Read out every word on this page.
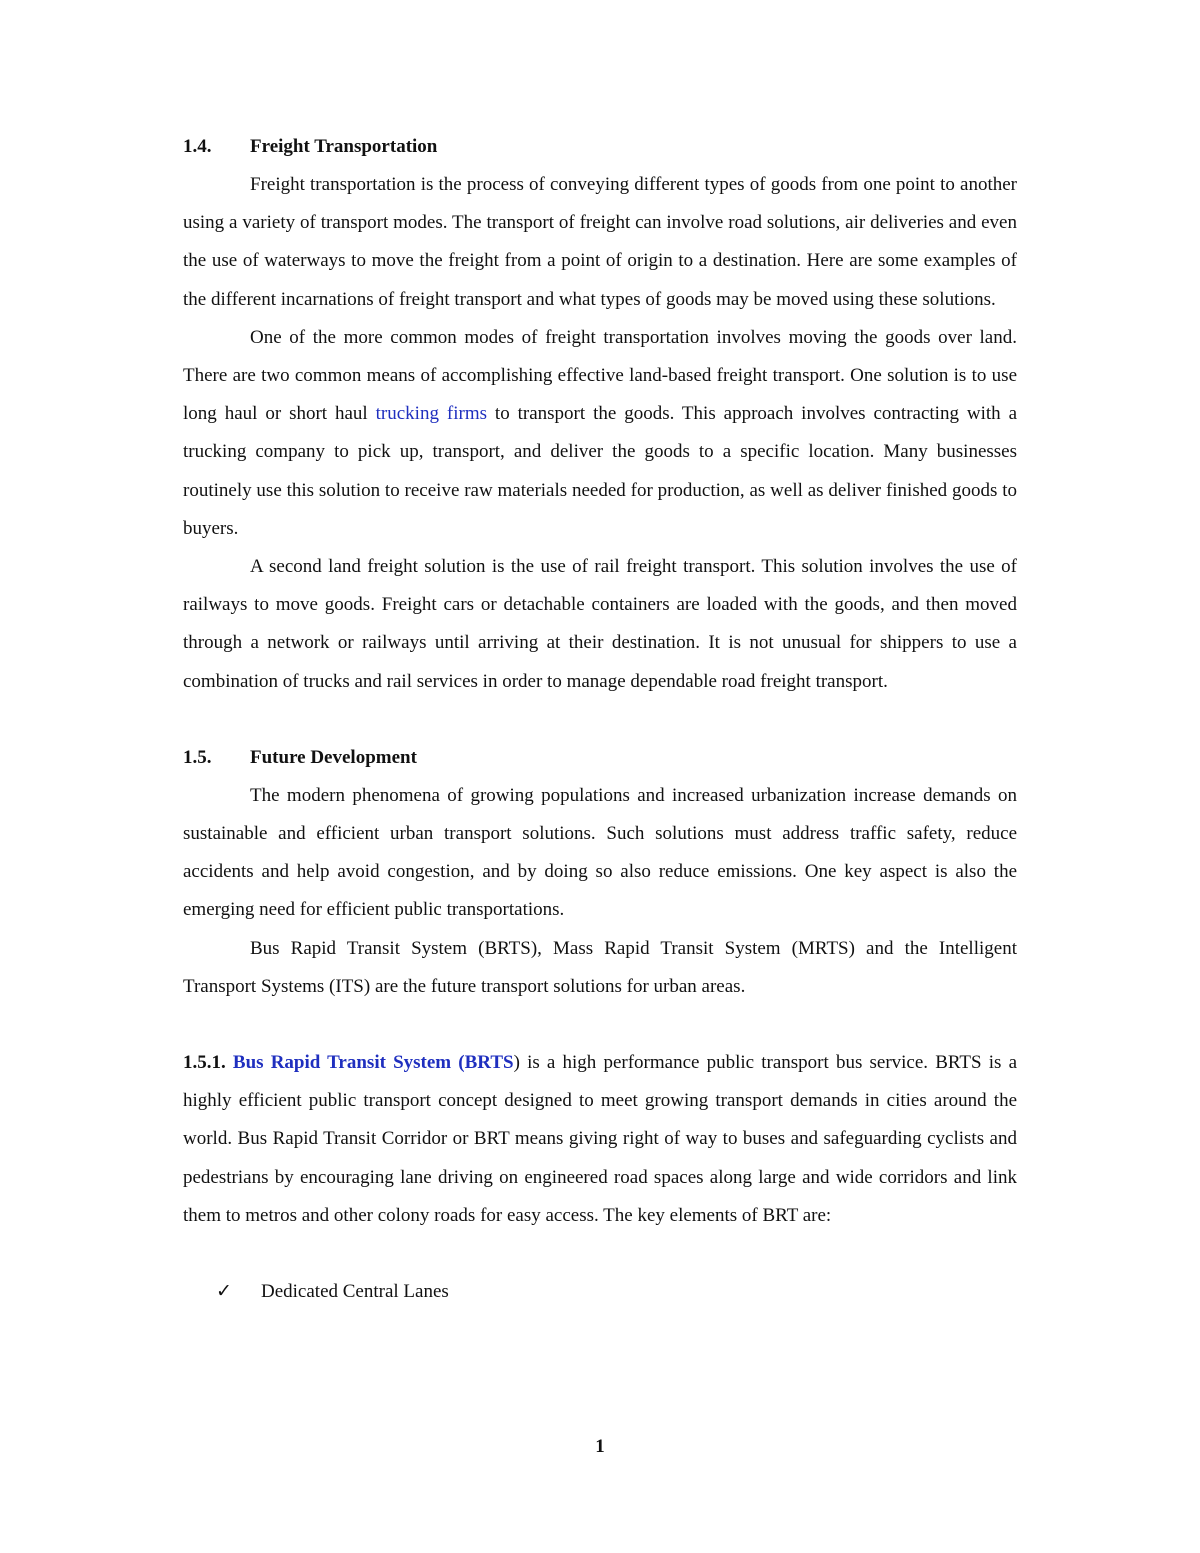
1.4. Freight Transportation

Freight transportation is the process of conveying different types of goods from one point to another using a variety of transport modes. The transport of freight can involve road solutions, air deliveries and even the use of waterways to move the freight from a point of origin to a destination. Here are some examples of the different incarnations of freight transport and what types of goods may be moved using these solutions.

One of the more common modes of freight transportation involves moving the goods over land. There are two common means of accomplishing effective land-based freight transport. One solution is to use long haul or short haul trucking firms to transport the goods. This approach involves contracting with a trucking company to pick up, transport, and deliver the goods to a specific location. Many businesses routinely use this solution to receive raw materials needed for production, as well as deliver finished goods to buyers.

A second land freight solution is the use of rail freight transport. This solution involves the use of railways to move goods. Freight cars or detachable containers are loaded with the goods, and then moved through a network or railways until arriving at their destination. It is not unusual for shippers to use a combination of trucks and rail services in order to manage dependable road freight transport.

1.5. Future Development

The modern phenomena of growing populations and increased urbanization increase demands on sustainable and efficient urban transport solutions. Such solutions must address traffic safety, reduce accidents and help avoid congestion, and by doing so also reduce emissions. One key aspect is also the emerging need for efficient public transportations.

Bus Rapid Transit System (BRTS), Mass Rapid Transit System (MRTS) and the Intelligent Transport Systems (ITS) are the future transport solutions for urban areas.

1.5.1. Bus Rapid Transit System (BRTS) is a high performance public transport bus service. BRTS is a highly efficient public transport concept designed to meet growing transport demands in cities around the world. Bus Rapid Transit Corridor or BRT means giving right of way to buses and safeguarding cyclists and pedestrians by encouraging lane driving on engineered road spaces along large and wide corridors and link them to metros and other colony roads for easy access. The key elements of BRT are:

✓ Dedicated Central Lanes
1
